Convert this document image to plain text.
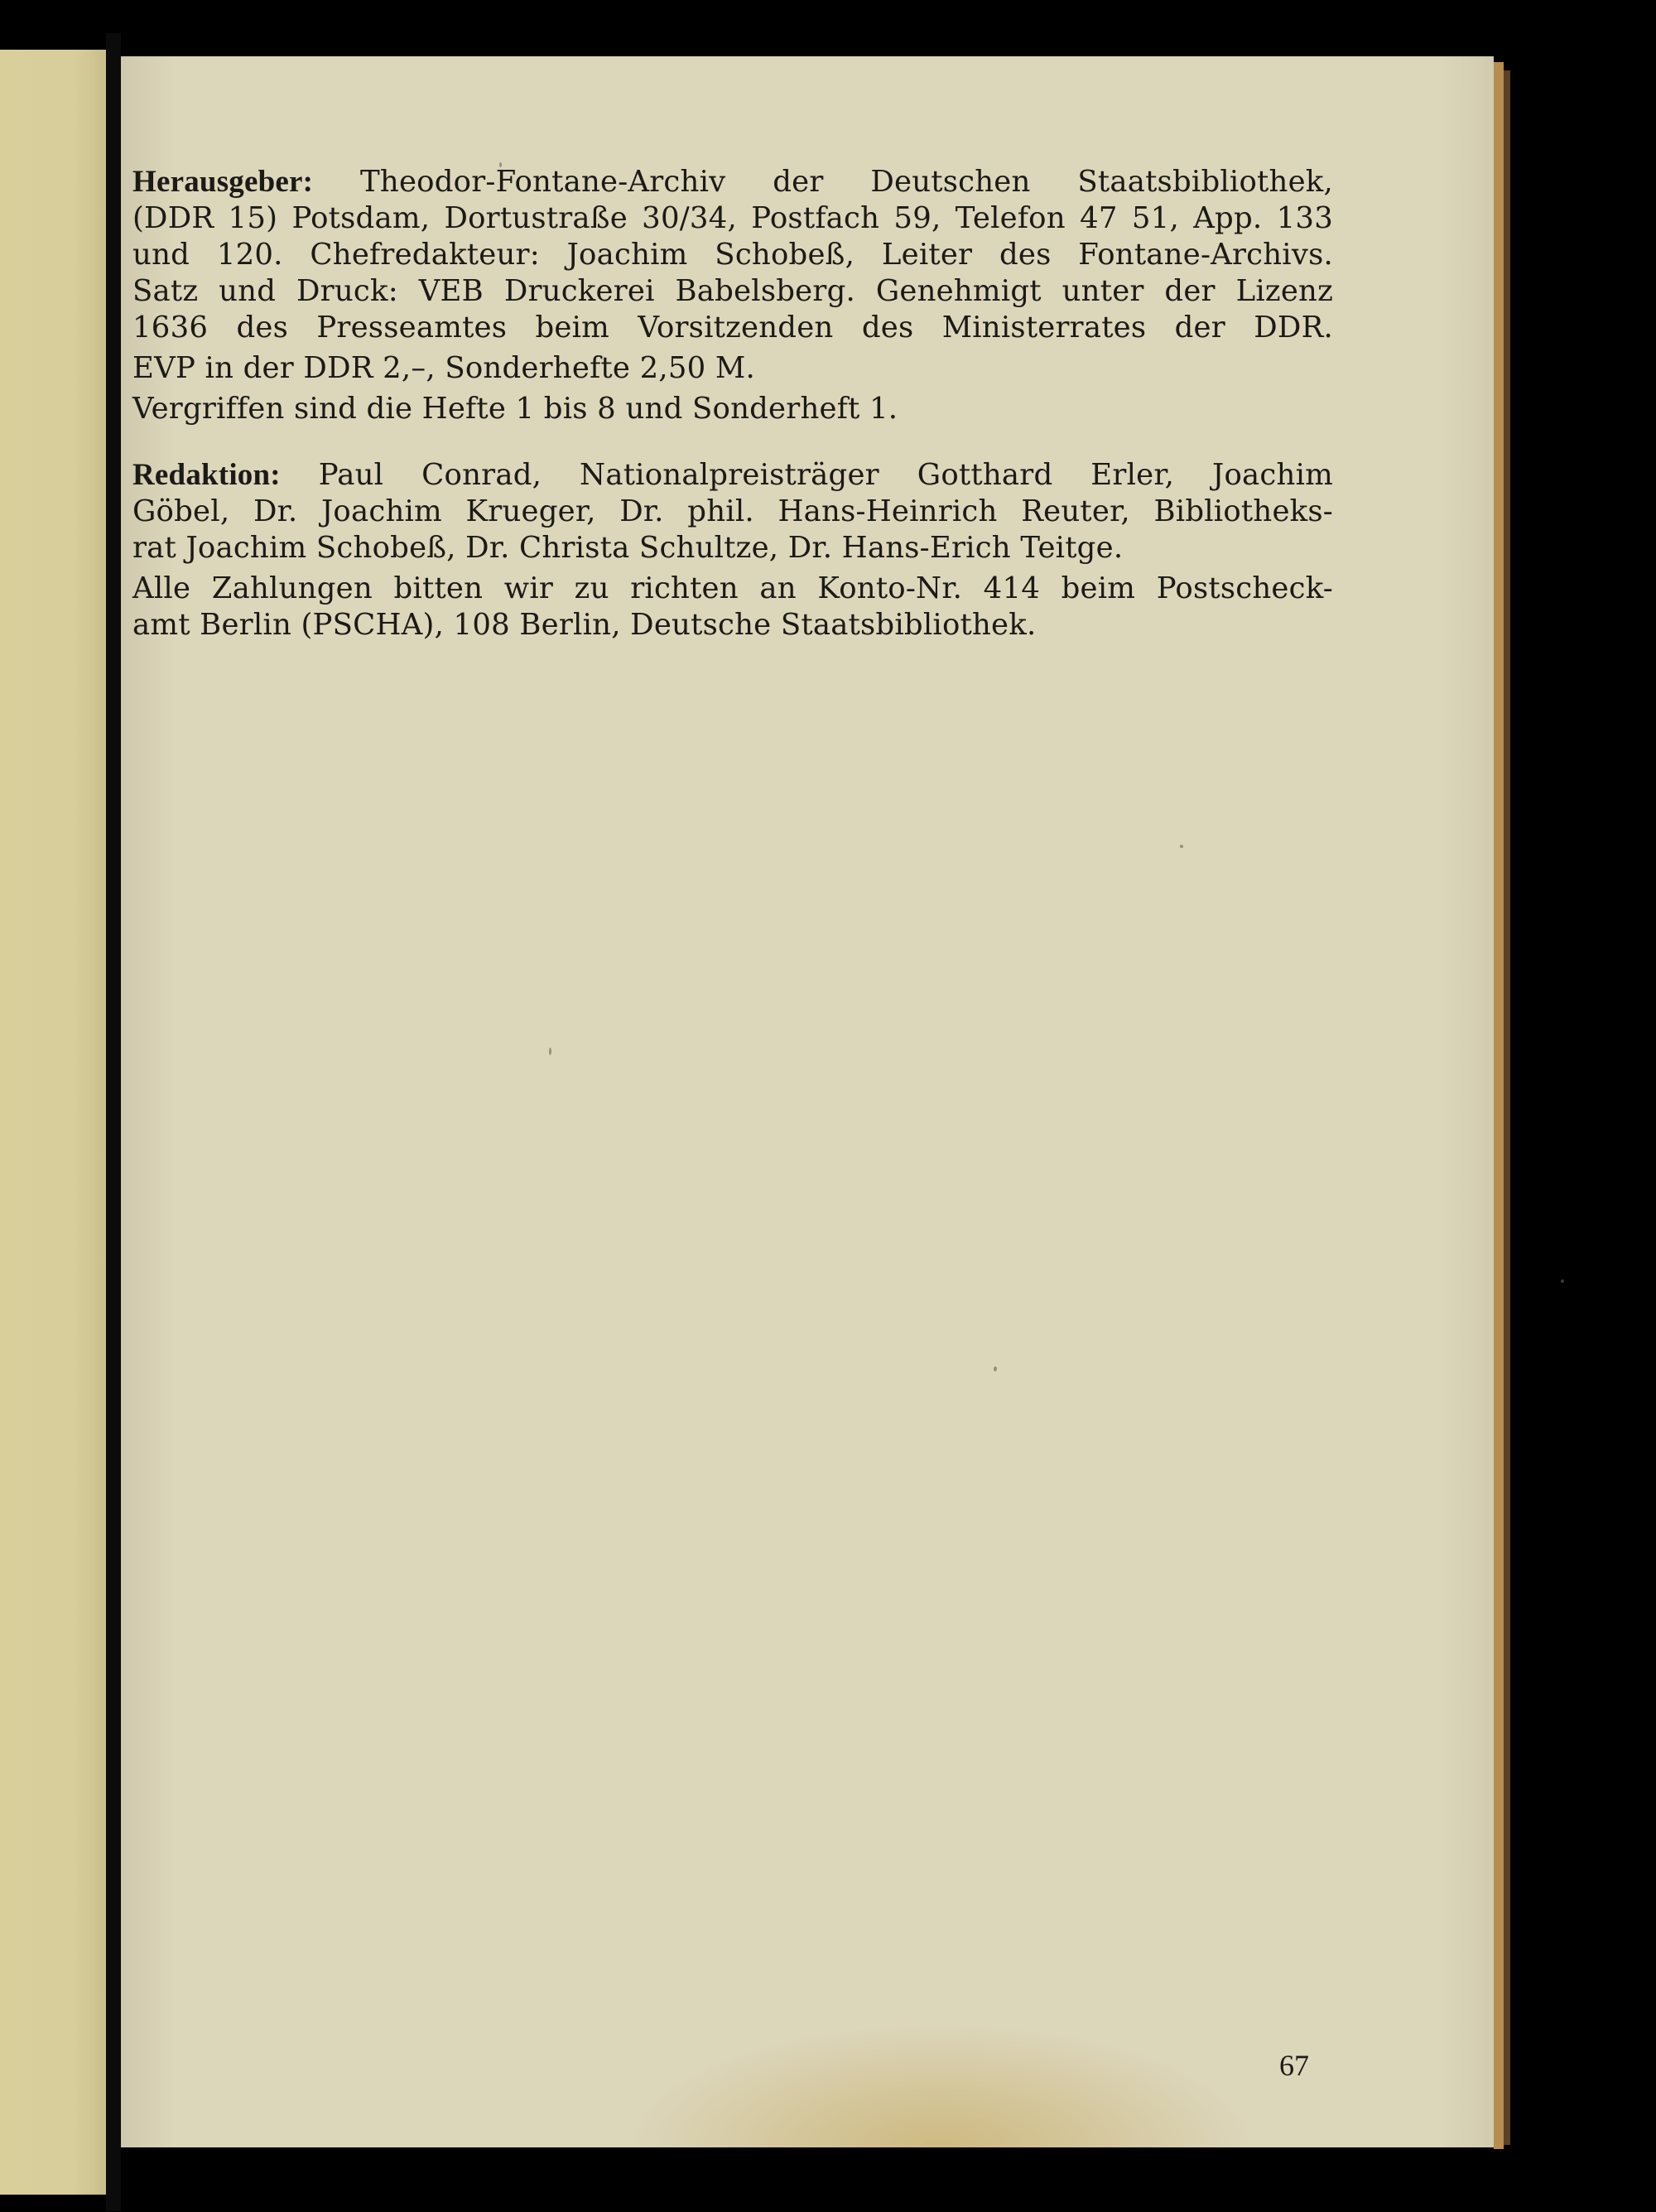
Herausgeber: Theodor-Fontane-Archiv der Deutschen Staatsbibliothek,
(DDR 15) Potsdam, Dortustraße 30/34, Postfach 59, Telefon 47 51, App. 133
und 120. Chefredakteur: Joachim Schobeß, Leiter des Fontane-Archivs.
Satz und Druck: VEB Druckerei Babelsberg. Genehmigt unter der Lizenz
1636 des Presseamtes beim Vorsitzenden des Ministerrates der DDR.
EVP in der DDR 2,–, Sonderhefte 2,50 M.
Vergriffen sind die Hefte 1 bis 8 und Sonderheft 1.
Redaktion: Paul Conrad, Nationalpreisträger Gotthard Erler, Joachim
Göbel, Dr. Joachim Krueger, Dr. phil. Hans-Heinrich Reuter, Bibliotheks-
rat Joachim Schobeß, Dr. Christa Schultze, Dr. Hans-Erich Teitge.
Alle Zahlungen bitten wir zu richten an Konto-Nr. 414 beim Postscheck-
amt Berlin (PSCHA), 108 Berlin, Deutsche Staatsbibliothek.
67
